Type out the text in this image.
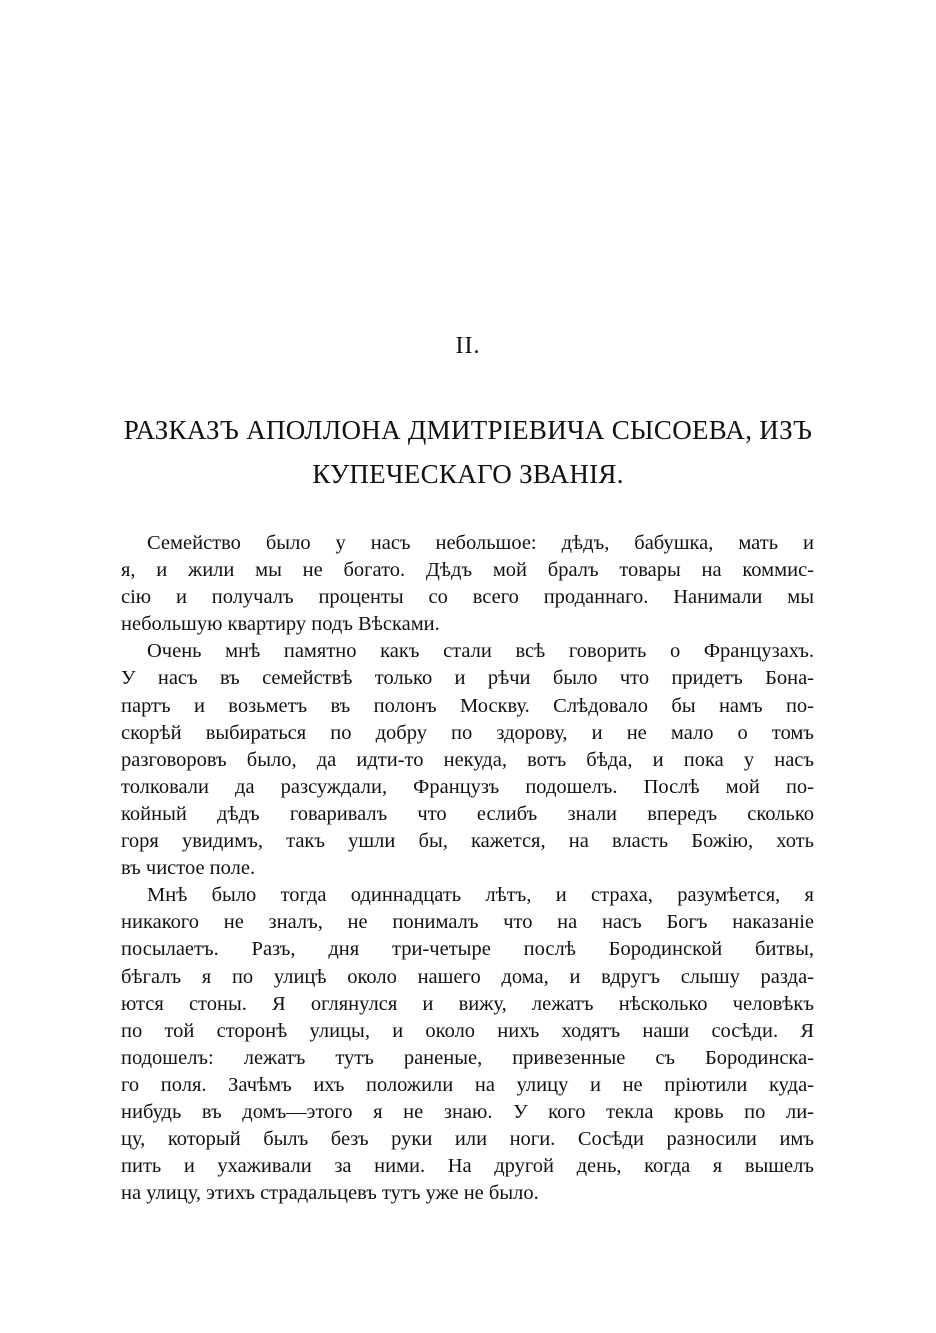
II.
РАЗКАЗЪ АПОЛЛОНА ДМИТРІЕВИЧА СЫСОЕВА, ИЗЪ
КУПЕЧЕСКАГО ЗВАНІЯ.
Семейство было у насъ небольшое: дѣдъ, бабушка, мать и
я, и жили мы не богато. Дѣдъ мой бралъ товары на коммис-
сію и получалъ проценты со всего проданнаго. Нанимали мы
небольшую квартиру подъ Вѣсками.
Очень мнѣ памятно какъ стали всѣ говорить о Французахъ.
У насъ въ семействѣ только и рѣчи было что придетъ Бона-
партъ и возьметъ въ полонъ Москву. Слѣдовало бы намъ по-
скорѣй выбираться по добру по здорову, и не мало о томъ
разговоровъ было, да идти-то некуда, вотъ бѣда, и пока у насъ
толковали да разсуждали, Французъ подошелъ. Послѣ мой по-
койный дѣдъ говаривалъ что еслибъ знали впередъ сколько
горя увидимъ, такъ ушли бы, кажется, на власть Божію, хоть
въ чистое поле.
Мнѣ было тогда одиннадцать лѣтъ, и страха, разумѣется, я
никакого не зналъ, не понималъ что на насъ Богъ наказаніе
посылаетъ. Разъ, дня три-четыре послѣ Бородинской битвы,
бѣгалъ я по улицѣ около нашего дома, и вдругъ слышу разда-
ются стоны. Я оглянулся и вижу, лежатъ нѣсколько человѣкъ
по той сторонѣ улицы, и около нихъ ходятъ наши сосѣди. Я
подошелъ: лежатъ тутъ раненые, привезенные съ Бородинска-
го поля. Зачѣмъ ихъ положили на улицу и не пріютили куда-
нибудь въ домъ—этого я не знаю. У кого текла кровь по ли-
цу, который былъ безъ руки или ноги. Сосѣди разносили имъ
пить и ухаживали за ними. На другой день, когда я вышелъ
на улицу, этихъ страдальцевъ тутъ уже не было.
